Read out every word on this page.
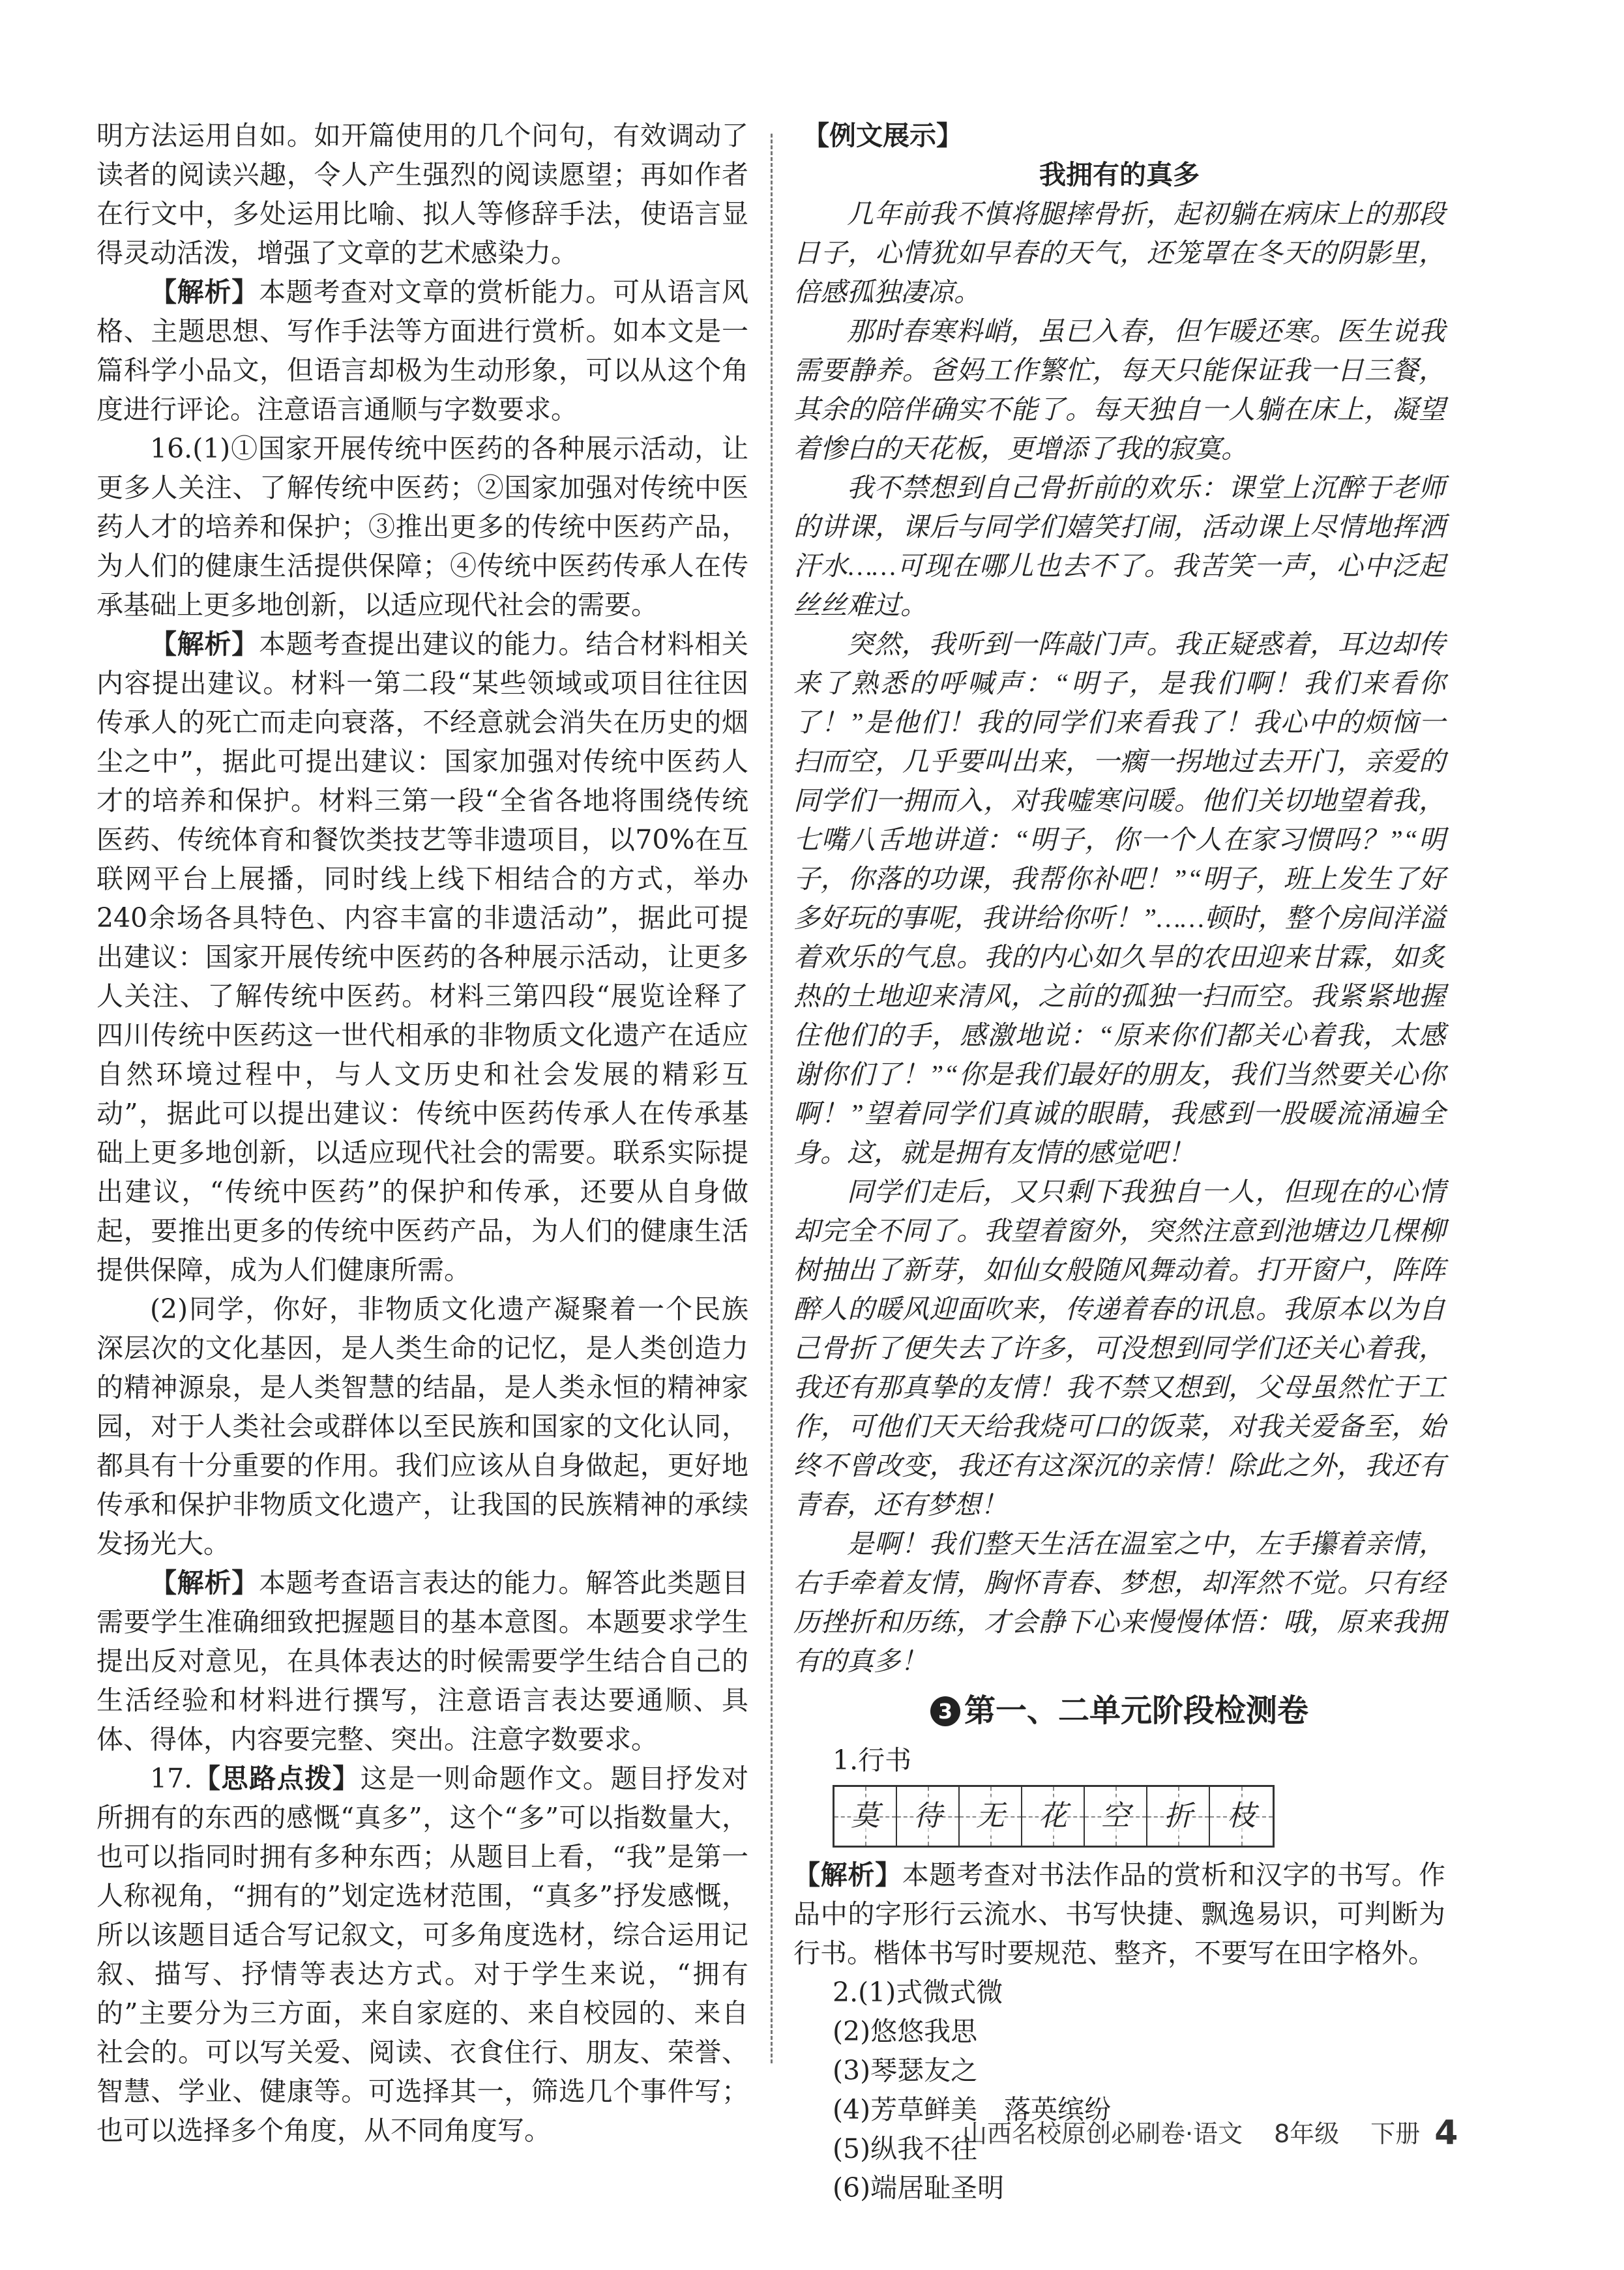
明方法运用自如。如开篇使用的几个问句，有效调动了读者的阅读兴趣，令人产生强烈的阅读愿望；再如作者在行文中，多处运用比喻、拟人等修辞手法，使语言显得灵动活泼，增强了文章的艺术感染力。

【解析】本题考查对文章的赏析能力。可从语言风格、主题思想、写作手法等方面进行赏析。如本文是一篇科学小品文，但语言却极为生动形象，可以从这个角度进行评论。注意语言通顺与字数要求。

16.(1)①国家开展传统中医药的各种展示活动，让更多人关注、了解传统中医药；②国家加强对传统中医药人才的培养和保护；③推出更多的传统中医药产品，为人们的健康生活提供保障；④传统中医药传承人在传承基础上更多地创新，以适应现代社会的需要。

【解析】本题考查提出建议的能力。结合材料相关内容提出建议。材料一第二段“某些领域或项目往往因传承人的死亡而走向衰落，不经意就会消失在历史的烟尘之中”，据此可提出建议：国家加强对传统中医药人才的培养和保护。材料三第一段“全省各地将围绕传统医药、传统体育和餐饮类技艺等非遗项目，以70%在互联网平台上展播，同时线上线下相结合的方式，举办240余场各具特色、内容丰富的非遗活动”，据此可提出建议：国家开展传统中医药的各种展示活动，让更多人关注、了解传统中医药。材料三第四段“展览诠释了四川传统中医药这一世代相承的非物质文化遗产在适应自然环境过程中，与人文历史和社会发展的精彩互动”，据此可以提出建议：传统中医药传承人在传承基础上更多地创新，以适应现代社会的需要。联系实际提出建议，“传统中医药”的保护和传承，还要从自身做起，要推出更多的传统中医药产品，为人们的健康生活提供保障，成为人们健康所需。

(2)同学，你好，非物质文化遗产凝聚着一个民族深层次的文化基因，是人类生命的记忆，是人类创造力的精神源泉，是人类智慧的结晶，是人类永恒的精神家园，对于人类社会或群体以至民族和国家的文化认同，都具有十分重要的作用。我们应该从自身做起，更好地传承和保护非物质文化遗产，让我国的民族精神的承续发扬光大。

【解析】本题考查语言表达的能力。解答此类题目需要学生准确细致把握题目的基本意图。本题要求学生提出反对意见，在具体表达的时候需要学生结合自己的生活经验和材料进行撰写，注意语言表达要通顺、具体、得体，内容要完整、突出。注意字数要求。

17.【思路点拨】这是一则命题作文。题目抒发对所拥有的东西的感慨“真多”，这个“多”可以指数量大，也可以指同时拥有多种东西；从题目上看，“我”是第一人称视角，“拥有的”划定选材范围，“真多”抒发感慨，所以该题目适合写记叙文，可多角度选材，综合运用记叙、描写、抒情等表达方式。对于学生来说，“拥有的”主要分为三方面，来自家庭的、来自校园的、来自社会的。可以写关爱、阅读、衣食住行、朋友、荣誉、智慧、学业、健康等。可选择其一，筛选几个事件写；也可以选择多个角度，从不同角度写。

【例文展示】

我拥有的真多

几年前我不慎将腿摔骨折，起初躺在病床上的那段日子，心情犹如早春的天气，还笼罩在冬天的阴影里，倍感孤独凄凉。

那时春寒料峭，虽已入春，但乍暖还寒。医生说我需要静养。爸妈工作繁忙，每天只能保证我一日三餐，其余的陪伴确实不能了。每天独自一人躺在床上，凝望着惨白的天花板，更增添了我的寂寞。

我不禁想到自己骨折前的欢乐：课堂上沉醉于老师的讲课，课后与同学们嬉笑打闹，活动课上尽情地挥洒汗水……可现在哪儿也去不了。我苦笑一声，心中泛起丝丝难过。

突然，我听到一阵敲门声。我正疑惑着，耳边却传来了熟悉的呼喊声：“明子，是我们啊！我们来看你了！”是他们！我的同学们来看我了！我心中的烦恼一扫而空，几乎要叫出来，一瘸一拐地过去开门，亲爱的同学们一拥而入，对我嘘寒问暖。他们关切地望着我，七嘴八舌地讲道：“明子，你一个人在家习惯吗？”“明子，你落的功课，我帮你补吧！”“明子，班上发生了好多好玩的事呢，我讲给你听！”……顿时，整个房间洋溢着欢乐的气息。我的内心如久旱的农田迎来甘霖，如炙热的土地迎来清风，之前的孤独一扫而空。我紧紧地握住他们的手，感激地说：“原来你们都关心着我，太感谢你们了！”“你是我们最好的朋友，我们当然要关心你啊！”望着同学们真诚的眼睛，我感到一股暖流涌遍全身。这，就是拥有友情的感觉吧！

同学们走后，又只剩下我独自一人，但现在的心情却完全不同了。我望着窗外，突然注意到池塘边几棵柳树抽出了新芽，如仙女般随风舞动着。打开窗户，阵阵醉人的暖风迎面吹来，传递着春的讯息。我原本以为自己骨折了便失去了许多，可没想到同学们还关心着我，我还有那真挚的友情！我不禁又想到，父母虽然忙于工作，可他们天天给我烧可口的饭菜，对我关爱备至，始终不曾改变，我还有这深沉的亲情！除此之外，我还有青春，还有梦想！

是啊！我们整天生活在温室之中，左手攥着亲情，右手牵着友情，胸怀青春、梦想，却浑然不觉。只有经历挫折和历练，才会静下心来慢慢体悟：哦，原来我拥有的真多！

3 第一、二单元阶段检测卷

1.行书

莫 待 无 花 空 折 枝

【解析】本题考查对书法作品的赏析和汉字的书写。作品中的字形行云流水、书写快捷、飘逸易识，可判断为行书。楷体书写时要规范、整齐，不要写在田字格外。

2.(1)式微式微

(2)悠悠我思

(3)琴瑟友之

(4)芳草鲜美　落英缤纷

(5)纵我不往

(6)端居耻圣明

山西名校原创必刷卷·语文 8年级 下册 4
